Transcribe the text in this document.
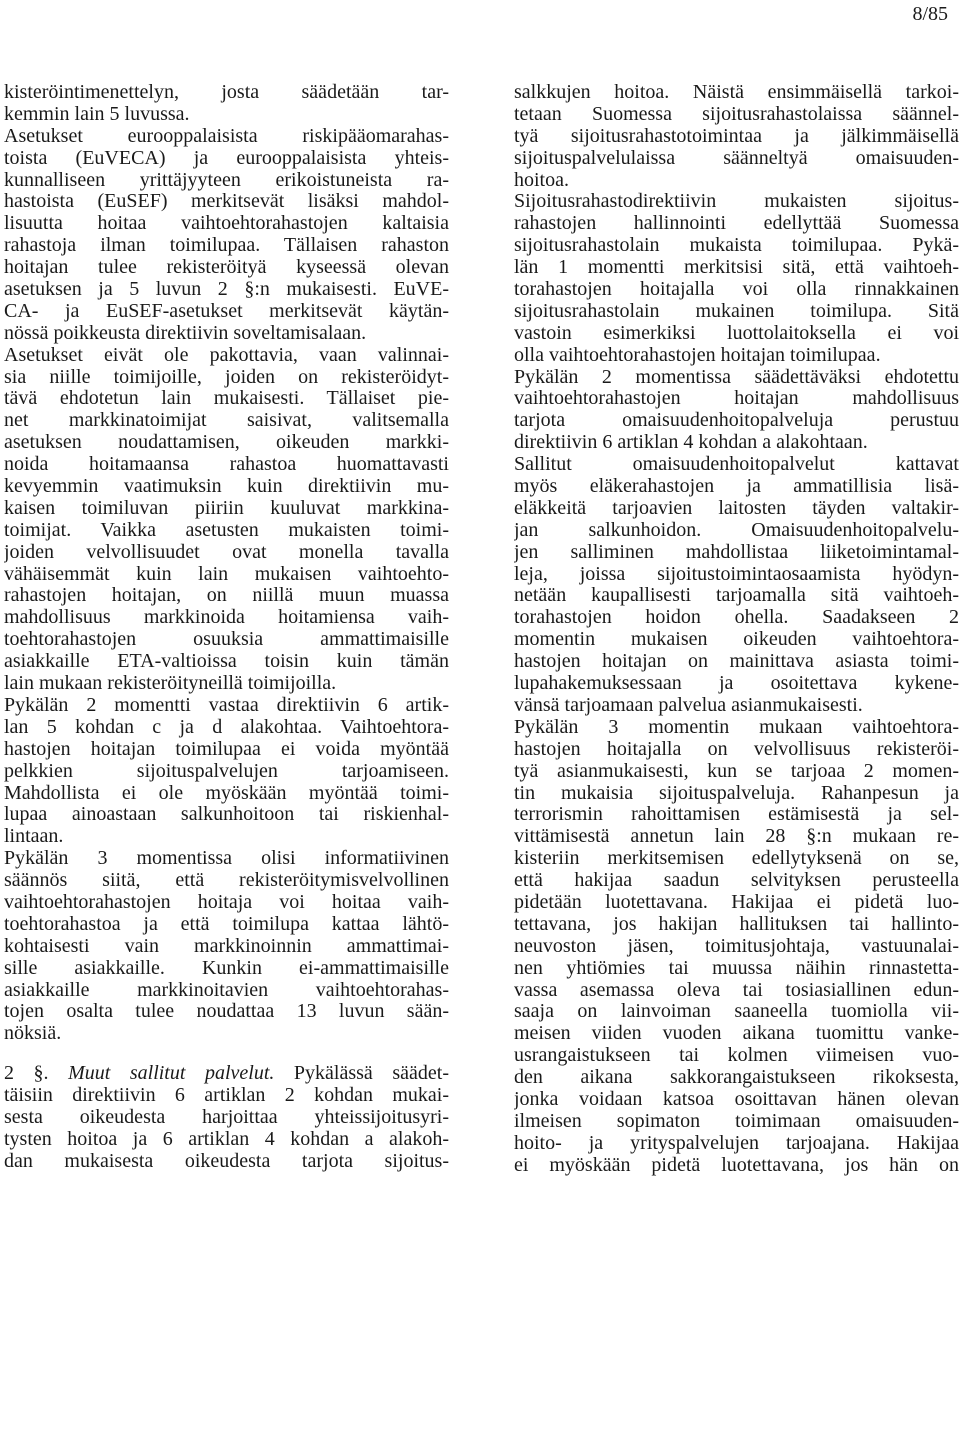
8/85
kisteröintimenettelyn, josta säädetään tar-
kemmin lain 5 luvussa.
Asetukset eurooppalaisista riskipääomarahas-
toista (EuVECA) ja eurooppalaisista yhteis-
kunnalliseen yrittäjyyteen erikoistuneista ra-
hastoista (EuSEF) merkitsevät lisäksi mahdol-
lisuutta hoitaa vaihtoehtorahastojen kaltaisia
rahastoja ilman toimilupaa. Tällaisen rahaston
hoitajan tulee rekisteröityä kyseessä olevan
asetuksen ja 5 luvun 2 §:n mukaisesti. EuVE-
CA- ja EuSEF-asetukset merkitsevät käytän-
nössä poikkeusta direktiivin soveltamisalaan.
Asetukset eivät ole pakottavia, vaan valinnai-
sia niille toimijoille, joiden on rekisteröidyt-
tävä ehdotetun lain mukaisesti. Tällaiset pie-
net markkinatoimijat saisivat, valitsemalla
asetuksen noudattamisen, oikeuden markki-
noida hoitamaansa rahastoa huomattavasti
kevyemmin vaatimuksin kuin direktiivin mu-
kaisen toimiluvan piiriin kuuluvat markkina-
toimijat. Vaikka asetusten mukaisten toimi-
joiden velvollisuudet ovat monella tavalla
vähäisemmät kuin lain mukaisen vaihtoehto-
rahastojen hoitajan, on niillä muun muassa
mahdollisuus markkinoida hoitamiensa vaih-
toehtorahastojen osuuksia ammattimaisille
asiakkaille ETA-valtioissa toisin kuin tämän
lain mukaan rekisteröityneillä toimijoilla.
Pykälän 2 momentti vastaa direktiivin 6 artik-
lan 5 kohdan c ja d alakohtaa. Vaihtoehtora-
hastojen hoitajan toimilupaa ei voida myöntää
pelkkien sijoituspalvelujen tarjoamiseen.
Mahdollista ei ole myöskään myöntää toimi-
lupaa ainoastaan salkunhoitoon tai riskienhal-
lintaan.
Pykälän 3 momentissa olisi informatiivinen
säännös siitä, että rekisteröitymisvelvollinen
vaihtoehtorahastojen hoitaja voi hoitaa vaih-
toehtorahastoa ja että toimilupa kattaa lähtö-
kohtaisesti vain markkinoinnin ammattimai-
sille asiakkaille. Kunkin ei-ammattimaisille
asiakkaille markkinoitavien vaihtoehtorahas-
tojen osalta tulee noudattaa 13 luvun sään-
nöksiä.
2 §. Muut sallitut palvelut. Pykälässä säädet-
täisiin direktiivin 6 artiklan 2 kohdan mukai-
sesta oikeudesta harjoittaa yhteissijoitusyri-
tysten hoitoa ja 6 artiklan 4 kohdan a alakoh-
dan mukaisesta oikeudesta tarjota sijoitus-
salkkujen hoitoa. Näistä ensimmäisellä tarkoi-
tetaan Suomessa sijoitusrahastolaissa säännel-
tyä sijoitusrahastotoimintaa ja jälkimmäisellä
sijoituspalvelulaissa säänneltyä omaisuuden-
hoitoa.
Sijoitusrahastodirektiivin mukaisten sijoitus-
rahastojen hallinnointi edellyttää Suomessa
sijoitusrahastolain mukaista toimilupaa. Pykä-
län 1 momentti merkitsisi sitä, että vaihtoeh-
torahastojen hoitajalla voi olla rinnakkainen
sijoitusrahastolain mukainen toimilupa. Sitä
vastoin esimerkiksi luottolaitoksella ei voi
olla vaihtoehtorahastojen hoitajan toimilupaa.
Pykälän 2 momentissa säädettäväksi ehdotettu
vaihtoehtorahastojen hoitajan mahdollisuus
tarjota omaisuudenhoitopalveluja perustuu
direktiivin 6 artiklan 4 kohdan a alakohtaan.
Sallitut omaisuudenhoitopalvelut kattavat
myös eläkerahastojen ja ammatillisia lisä-
eläkkeitä tarjoavien laitosten täyden valtakir-
jan salkunhoidon. Omaisuudenhoitopalvelu-
jen salliminen mahdollistaa liiketoimintamal-
leja, joissa sijoitustoimintaosaamista hyödyn-
netään kaupallisesti tarjoamalla sitä vaihtoeh-
torahastojen hoidon ohella. Saadakseen 2
momentin mukaisen oikeuden vaihtoehtora-
hastojen hoitajan on mainittava asiasta toimi-
lupahakemuksessaan ja osoitettava kykene-
vänsä tarjoamaan palvelua asianmukaisesti.
Pykälän 3 momentin mukaan vaihtoehtora-
hastojen hoitajalla on velvollisuus rekisteröi-
tyä asianmukaisesti, kun se tarjoaa 2 momen-
tin mukaisia sijoituspalveluja. Rahanpesun ja
terrorismin rahoittamisen estämisestä ja sel-
vittämisestä annetun lain 28 §:n mukaan re-
kisteriin merkitsemisen edellytyksenä on se,
että hakijaa saadun selvityksen perusteella
pidetään luotettavana. Hakijaa ei pidetä luo-
tettavana, jos hakijan hallituksen tai hallinto-
neuvoston jäsen, toimitusjohtaja, vastuunalai-
nen yhtiömies tai muussa näihin rinnastetta-
vassa asemassa oleva tai tosiasiallinen edun-
saaja on lainvoiman saaneella tuomiolla vii-
meisen viiden vuoden aikana tuomittu vanke-
usrangaistukseen tai kolmen viimeisen vuo-
den aikana sakkorangaistukseen rikoksesta,
jonka voidaan katsoa osoittavan hänen olevan
ilmeisen sopimaton toimimaan omaisuuden-
hoito- ja yrityspalvelujen tarjoajana. Hakijaa
ei myöskään pidetä luotettavana, jos hän on
